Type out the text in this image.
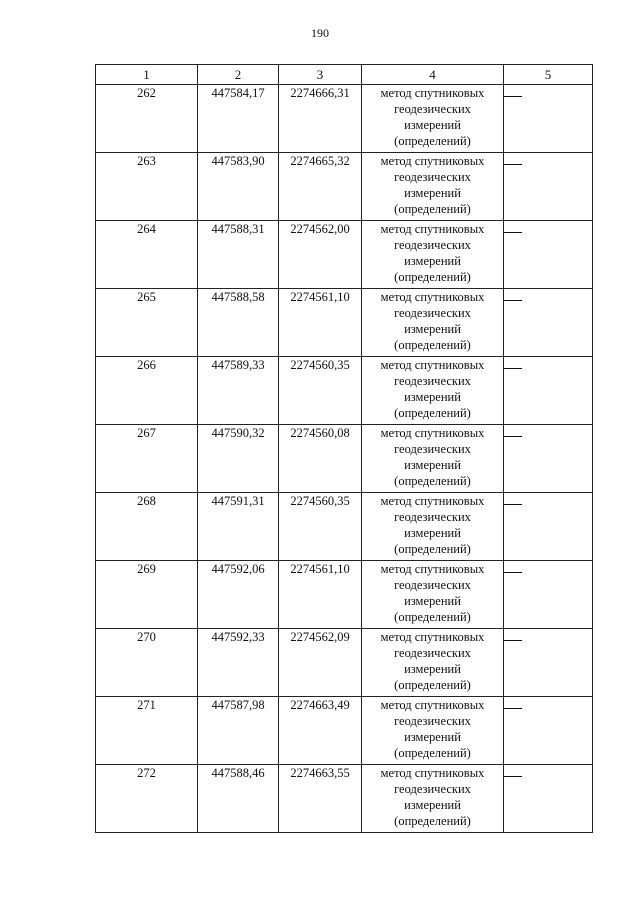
190
1	2	3	4	5
262	447584,17	2274666,31	метод спутниковых
геодезических
измерений
(определений)

263	447583,90	2274665,32	метод спутниковых
геодезических
измерений
(определений)

264	447588,31	2274562,00	метод спутниковых
геодезических
измерений
(определений)

265	447588,58	2274561,10	метод спутниковых
геодезических
измерений
(определений)

266	447589,33	2274560,35	метод спутниковых
геодезических
измерений
(определений)

267	447590,32	2274560,08	метод спутниковых
геодезических
измерений
(определений)

268	447591,31	2274560,35	метод спутниковых
геодезических
измерений
(определений)

269	447592,06	2274561,10	метод спутниковых
геодезических
измерений
(определений)

270	447592,33	2274562,09	метод спутниковых
геодезических
измерений
(определений)

271	447587,98	2274663,49	метод спутниковых
геодезических
измерений
(определений)

272	447588,46	2274663,55	метод спутниковых
геодезических
измерений
(определений)
